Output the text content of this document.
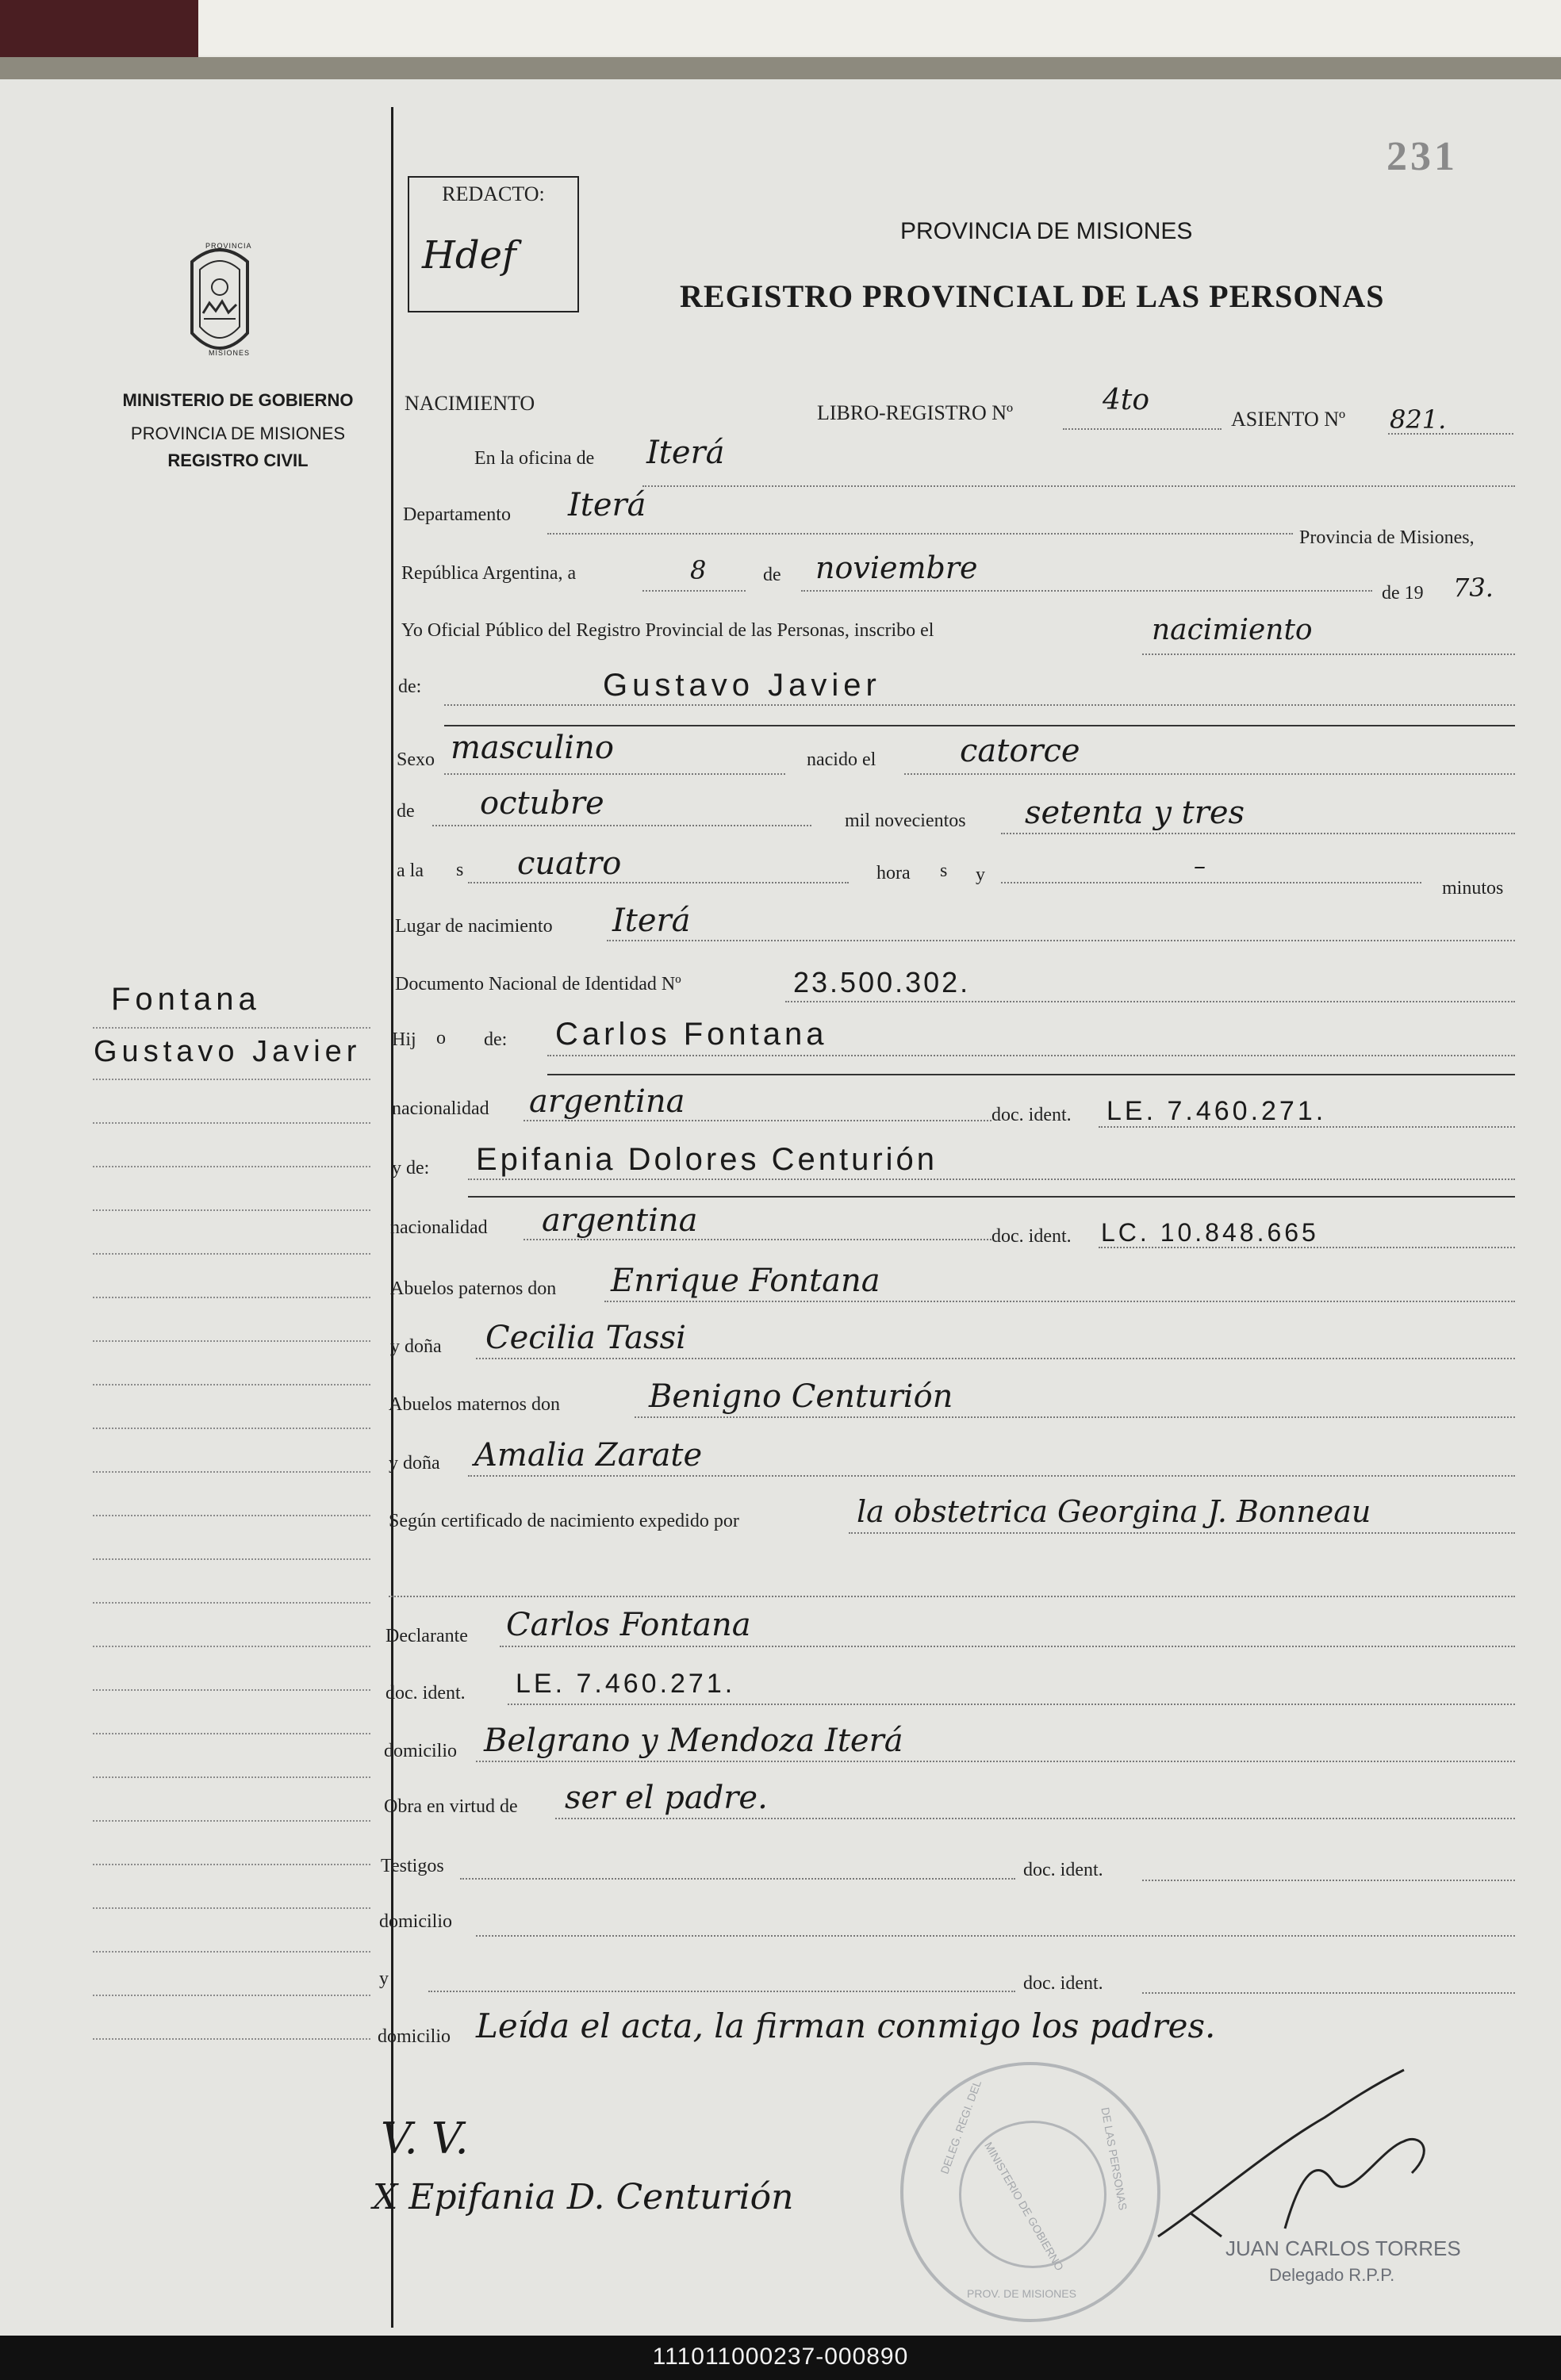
231
REDACTO:
Hdef
PROVINCIA DE MISIONES
REGISTRO PROVINCIAL DE LAS PERSONAS
PROVINCIA
MISIONES
MINISTERIO DE GOBIERNO
PROVINCIA DE MISIONES
REGISTRO CIVIL
Fontana
Gustavo Javier
NACIMIENTO	LIBRO-REGISTRO Nº	4to
ASIENTO Nº 821.
En la oficina de Iterá
Departamento Iterá
Provincia de Misiones,
República Argentina, a	8	de noviembre
de 19 73.
Yo Oficial Público del Registro Provincial de las Personas, inscribo el	nacimiento
de:	Gustavo Javier
Sexo masculino	nacido el	catorce
de octubre	mil novecientos setenta y tres
a la s cuatro	hora s y	–
minutos
Lugar de nacimiento Iterá
Documento Nacional de Identidad Nº	23.500.302.
Hij o de: Carlos Fontana
nacionalidad argentina	doc. ident. LE. 7.460.271.
y de: Epifania Dolores Centurión
nacionalidad argentina	doc. ident. LC. 10.848.665
Abuelos paternos don Enrique Fontana
y doña Cecilia Tassi
Abuelos maternos don	Benigno Centurión
y doña Amalia Zarate
Según certificado de nacimiento expedido por	la obstetrica Georgina J. Bonneau
Declarante Carlos Fontana
doc. ident. LE. 7.460.271.
domicilio Belgrano y Mendoza Iterá
Obra en virtud de ser el padre.
Testigos	doc. ident.
domicilio
y	doc. ident.
domicilio Leída el acta, la firman conmigo los padres.
V. V.
X Epifania D. Centurión
DELEG. REGI. DEL
MINISTERIO DE GOBIERNO
PROV. DE MISIONES
DE LAS PERSONAS
JUAN CARLOS TORRES
Delegado R.P.P.
111011000237-000890
